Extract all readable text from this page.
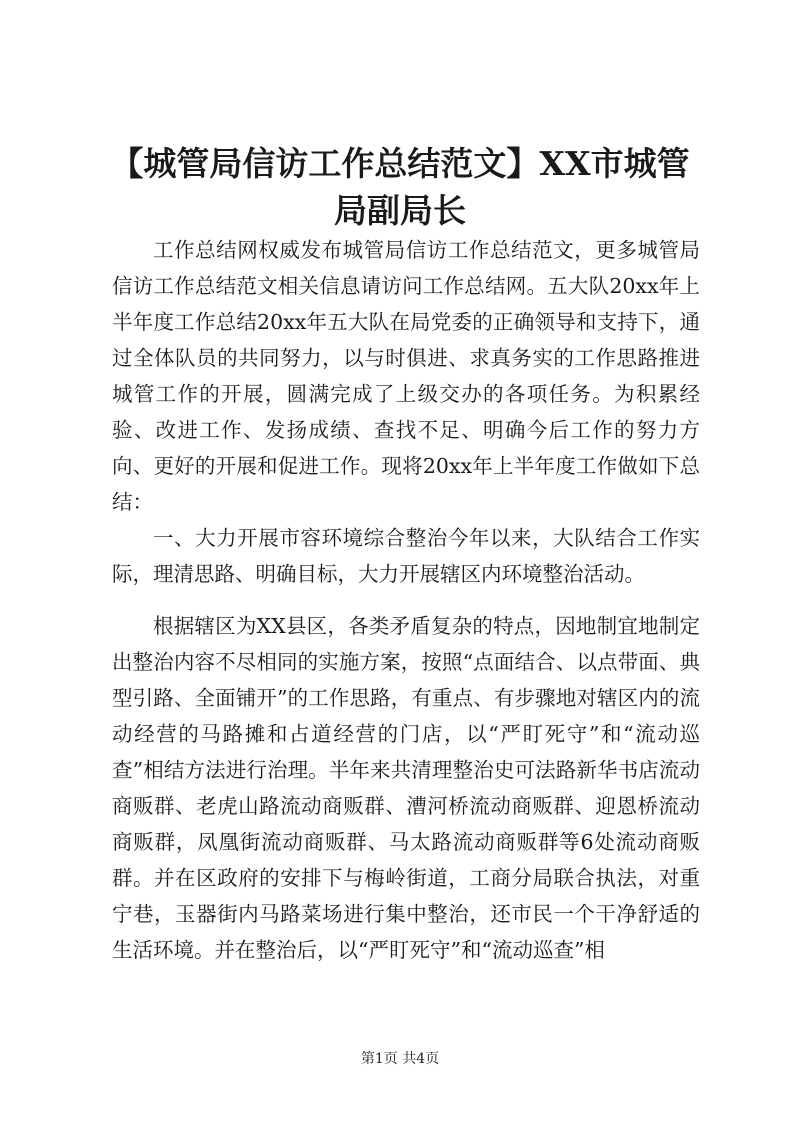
【城管局信访工作总结范文】XX市城管局副局长

工作总结网权威发布城管局信访工作总结范文，更多城管局信访工作总结范文相关信息请访问工作总结网。五大队20xx年上半年度工作总结20xx年五大队在局党委的正确领导和支持下，通过全体队员的共同努力，以与时俱进、求真务实的工作思路推进城管工作的开展，圆满完成了上级交办的各项任务。为积累经验、改进工作、发扬成绩、查找不足、明确今后工作的努力方向、更好的开展和促进工作。现将20xx年上半年度工作做如下总结：

一、大力开展市容环境综合整治今年以来，大队结合工作实际，理清思路、明确目标，大力开展辖区内环境整治活动。

根据辖区为XX县区，各类矛盾复杂的特点，因地制宜地制定出整治内容不尽相同的实施方案，按照“点面结合、以点带面、典型引路、全面铺开”的工作思路，有重点、有步骤地对辖区内的流动经营的马路摊和占道经营的门店，以“严盯死守”和“流动巡查”相结方法进行治理。半年来共清理整治史可法路新华书店流动商贩群、老虎山路流动商贩群、漕河桥流动商贩群、迎恩桥流动商贩群，凤凰街流动商贩群、马太路流动商贩群等6处流动商贩群。并在区政府的安排下与梅岭街道，工商分局联合执法，对重宁巷，玉器街内马路菜场进行集中整治，还市民一个干净舒适的生活环境。并在整治后，以“严盯死守”和“流动巡查”相

第1页 共4页
